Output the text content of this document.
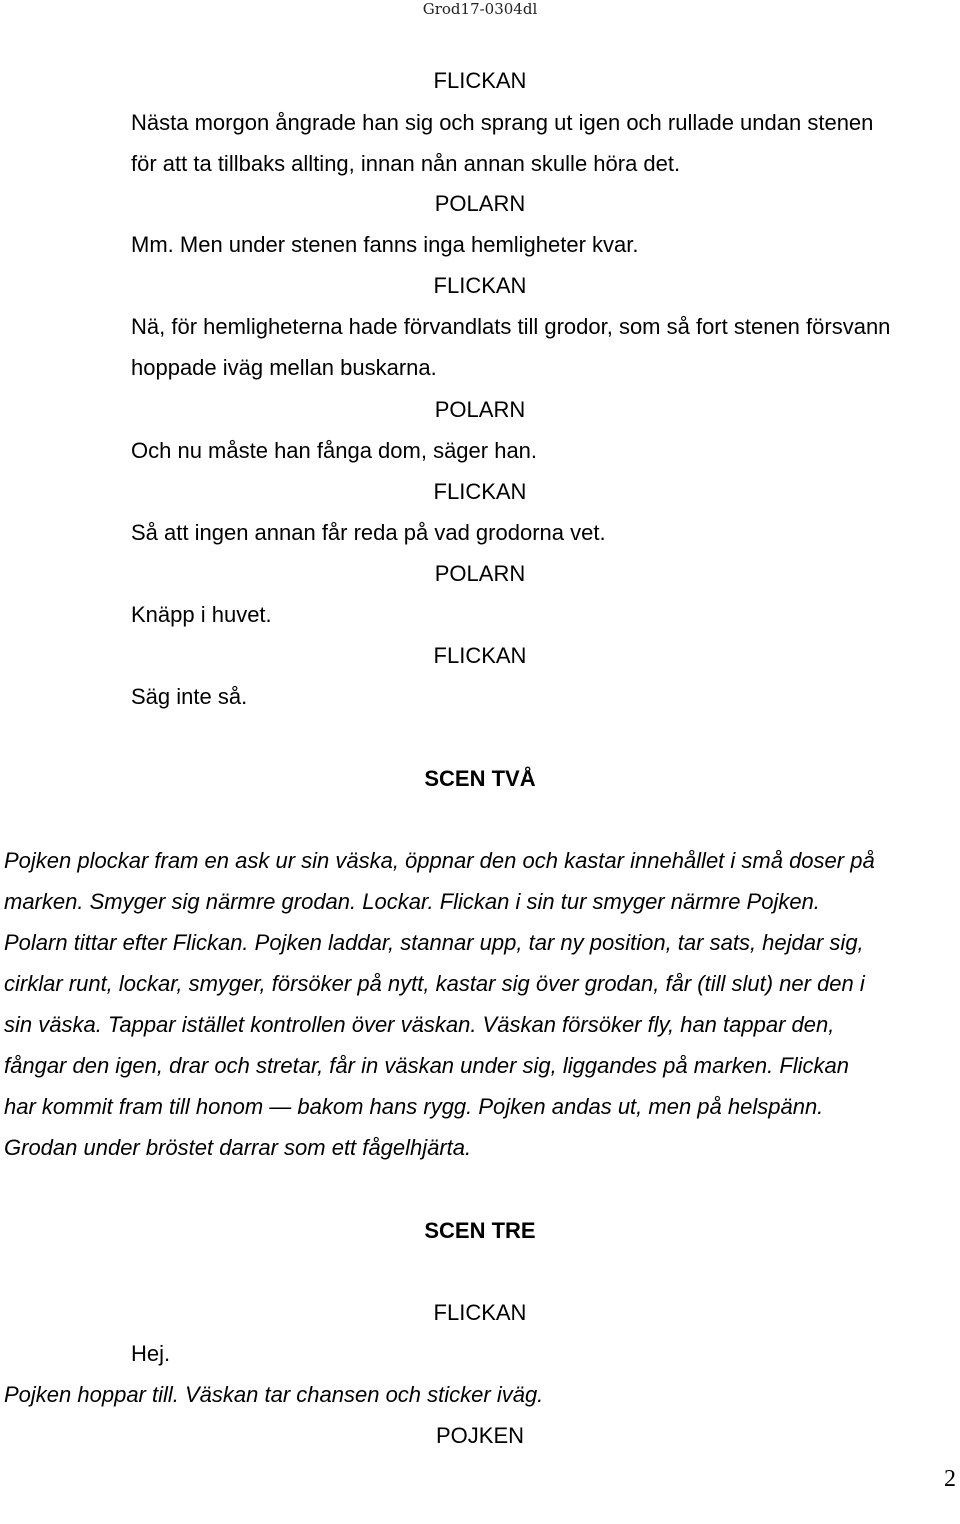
Grod17-0304dl
FLICKAN
Nästa morgon ångrade han sig och sprang ut igen och rullade undan stenen
för att ta tillbaks allting, innan nån annan skulle höra det.
POLARN
Mm. Men under stenen fanns inga hemligheter kvar.
FLICKAN
Nä, för hemligheterna hade förvandlats till grodor, som så fort stenen försvann
hoppade iväg mellan buskarna.
POLARN
Och nu måste han fånga dom, säger han.
FLICKAN
Så att ingen annan får reda på vad grodorna vet.
POLARN
Knäpp i huvet.
FLICKAN
Säg inte så.
SCEN TVÅ
Pojken plockar fram en ask ur sin väska, öppnar den och kastar innehållet i små doser på
marken. Smyger sig närmre grodan. Lockar. Flickan i sin tur smyger närmre Pojken.
Polarn tittar efter Flickan. Pojken laddar, stannar upp, tar ny position, tar sats, hejdar sig,
cirklar runt, lockar, smyger, försöker på nytt, kastar sig över grodan, får (till slut) ner den i
sin väska. Tappar istället kontrollen över väskan. Väskan försöker fly, han tappar den,
fångar den igen, drar och stretar, får in väskan under sig, liggandes på marken. Flickan
har kommit fram till honom — bakom hans rygg. Pojken andas ut, men på helspänn.
Grodan under bröstet darrar som ett fågelhjärta.
SCEN TRE
FLICKAN
Hej.
Pojken hoppar till. Väskan tar chansen och sticker iväg.
POJKEN
2
